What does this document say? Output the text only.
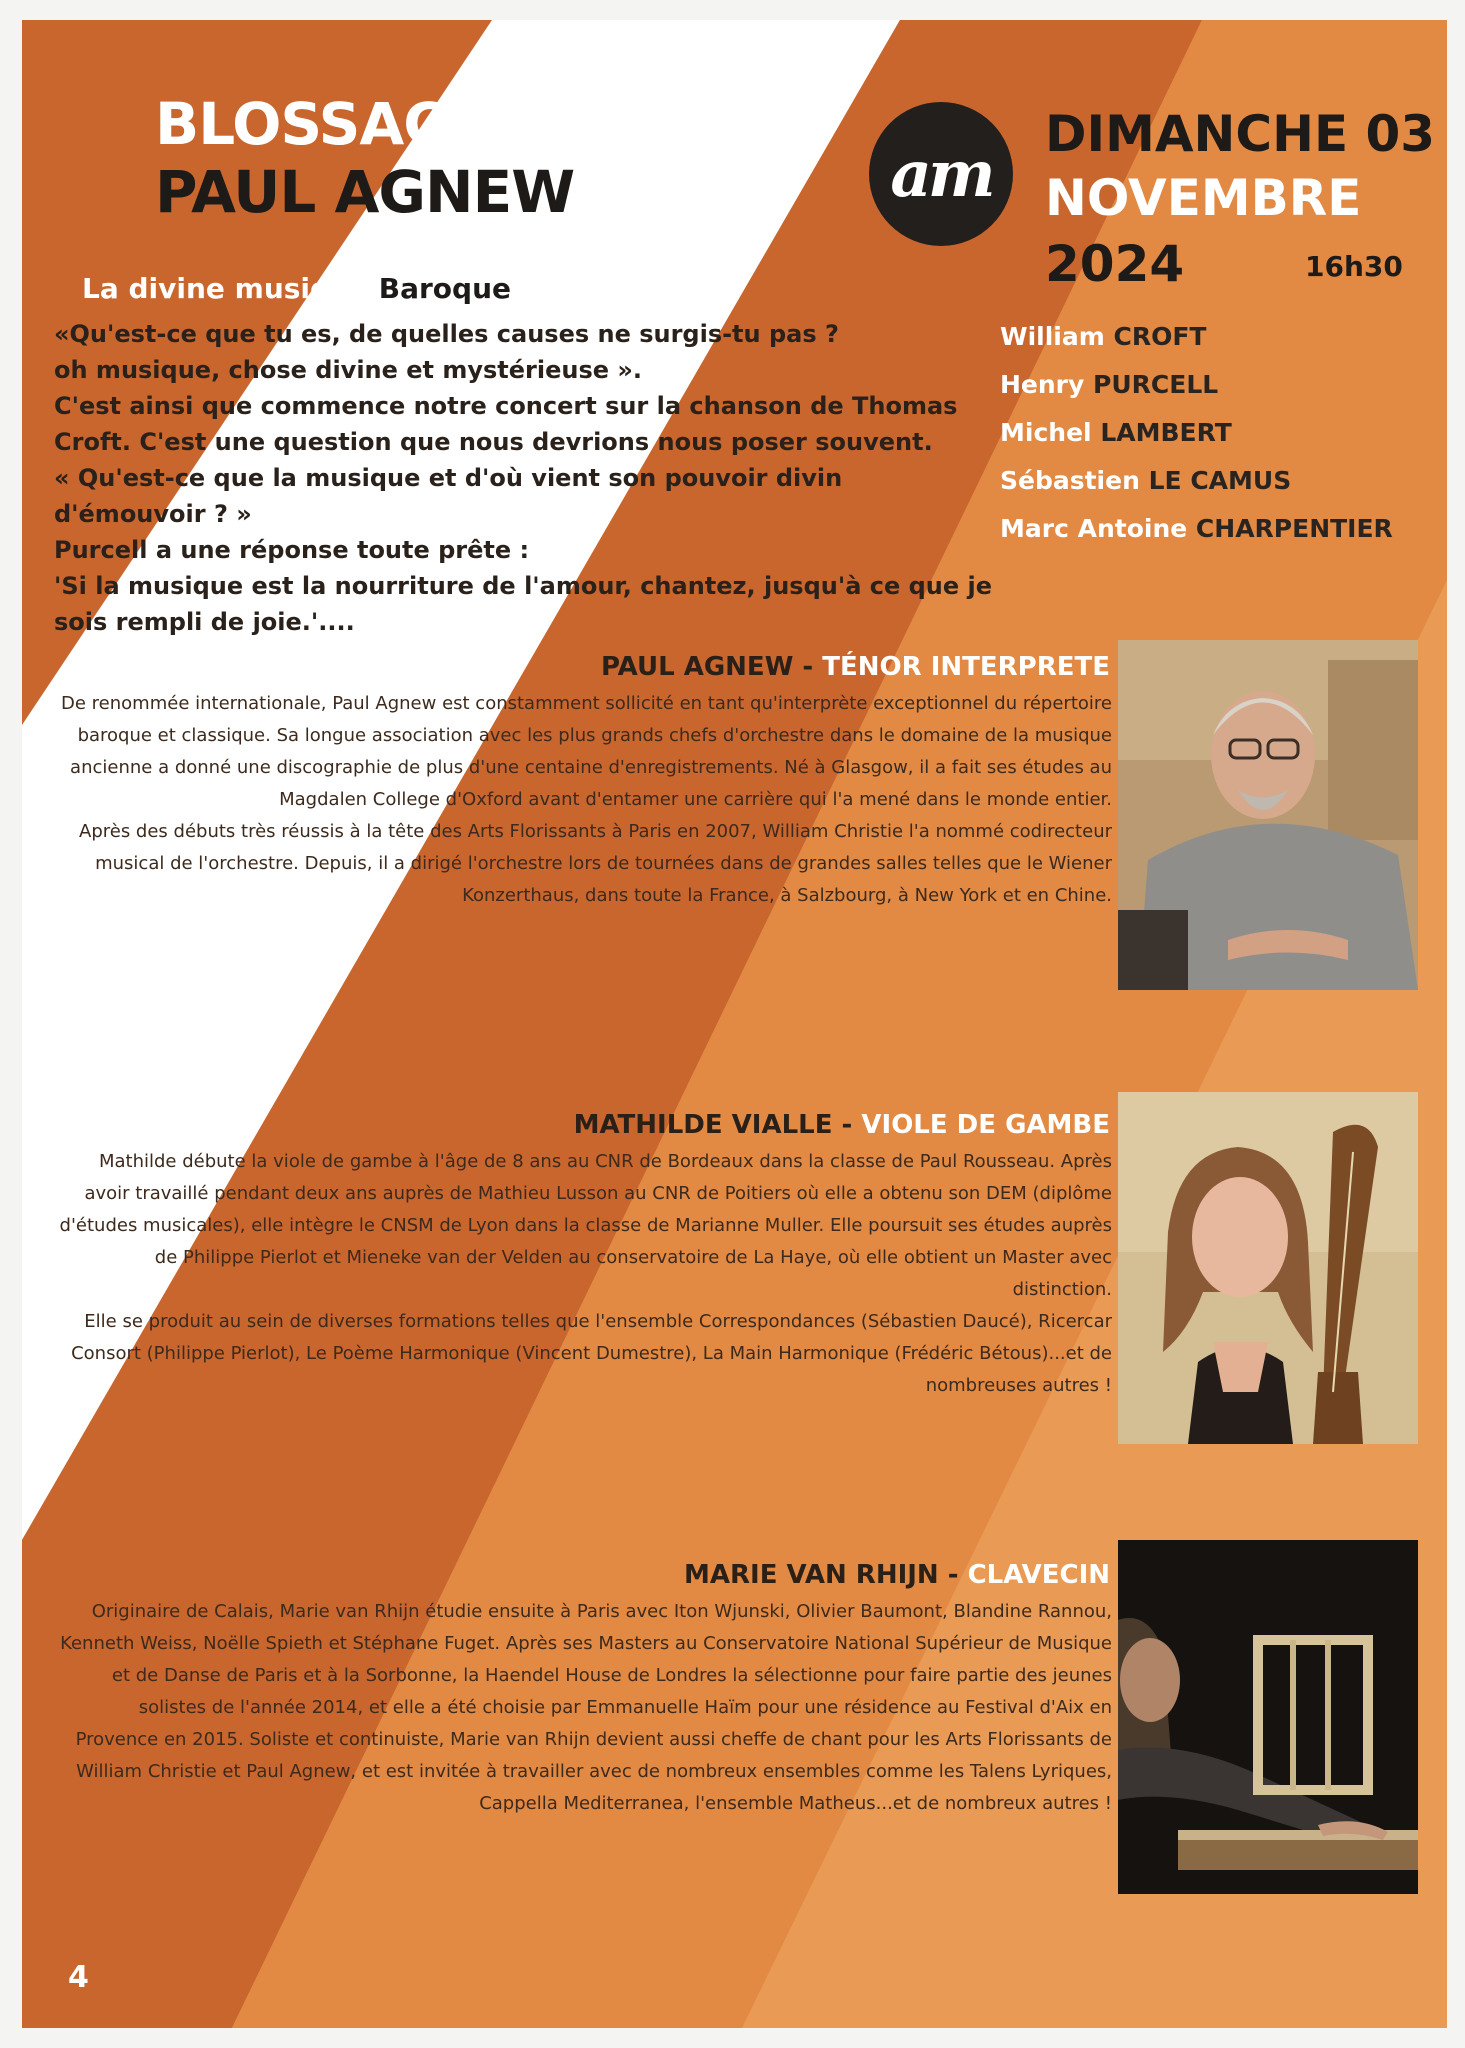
BLOSSAC
PAUL AGNEW	am
DIMANCHE 03
NOVEMBRE
2024	16h30
William CROFT
Henry PURCELL
Michel LAMBERT
Sébastien LE CAMUS
Marc Antoine CHARPENTIER
La divine musique Baroque
«Qu'est-ce que tu es, de quelles causes ne surgis-tu pas ?
oh musique, chose divine et mystérieuse ».
C'est ainsi que commence notre concert sur la chanson de Thomas
Croft. C'est une question que nous devrions nous poser souvent.
« Qu'est-ce que la musique et d'où vient son pouvoir divin
d'émouvoir ? »
Purcell a une réponse toute prête :
'Si la musique est la nourriture de l'amour, chantez, jusqu'à ce que je
sois rempli de joie.'....
PAUL AGNEW - TÉNOR INTERPRETE

De renommée internationale, Paul Agnew est constamment sollicité en tant qu'interprète exceptionnel du répertoire baroque et classique. Sa longue association avec les plus grands chefs d'orchestre dans le domaine de la musique ancienne a donné une discographie de plus d'une centaine d'enregistrements. Né à Glasgow, il a fait ses études au Magdalen College d'Oxford avant d'entamer une carrière qui l'a mené dans le monde entier.

Après des débuts très réussis à la tête des Arts Florissants à Paris en 2007, William Christie l'a nommé codirecteur musical de l'orchestre. Depuis, il a dirigé l'orchestre lors de tournées dans de grandes salles telles que le Wiener Konzerthaus, dans toute la France, à Salzbourg, à New York et en Chine.

MATHILDE VIALLE - VIOLE DE GAMBE

Mathilde débute la viole de gambe à l'âge de 8 ans au CNR de Bordeaux dans la classe de Paul Rousseau. Après avoir travaillé pendant deux ans auprès de Mathieu Lusson au CNR de Poitiers où elle a obtenu son DEM (diplôme d'études musicales), elle intègre le CNSM de Lyon dans la classe de Marianne Muller. Elle poursuit ses études auprès de Philippe Pierlot et Mieneke van der Velden au conservatoire de La Haye, où elle obtient un Master avec distinction.

Elle se produit au sein de diverses formations telles que l'ensemble Correspondances (Sébastien Daucé), Ricercar Consort (Philippe Pierlot), Le Poème Harmonique (Vincent Dumestre), La Main Harmonique (Frédéric Bétous)...et de nombreuses autres !

MARIE VAN RHIJN - CLAVECIN

Originaire de Calais, Marie van Rhijn étudie ensuite à Paris avec Iton Wjunski, Olivier Baumont, Blandine Rannou, Kenneth Weiss, Noëlle Spieth et Stéphane Fuget. Après ses Masters au Conservatoire National Supérieur de Musique et de Danse de Paris et à la Sorbonne, la Haendel House de Londres la sélectionne pour faire partie des jeunes solistes de l'année 2014, et elle a été choisie par Emmanuelle Haïm pour une résidence au Festival d'Aix en Provence en 2015. Soliste et continuiste, Marie van Rhijn devient aussi cheffe de chant pour les Arts Florissants de William Christie et Paul Agnew, et est invitée à travailler avec de nombreux ensembles comme les Talens Lyriques, Cappella Mediterranea, l'ensemble Matheus...et de nombreux autres !

4
